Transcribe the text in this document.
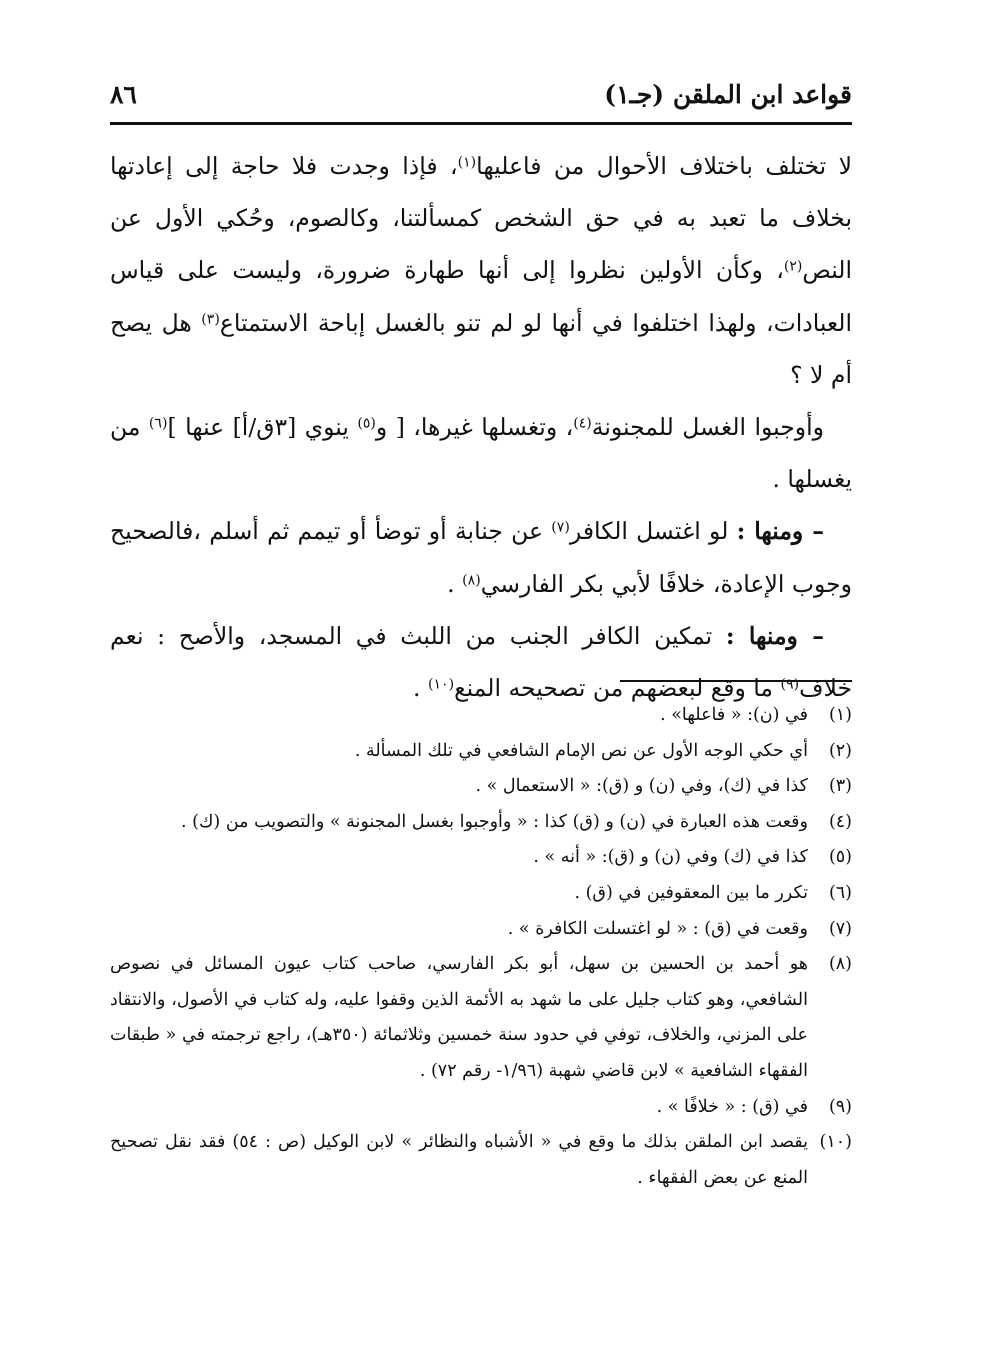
قواعد ابن الملقن (جـ١)
٨٦

لا تختلف باختلاف الأحوال من فاعليها$^{(١)}$، فإذا وجدت فلا حاجة إلى إعادتها بخلاف ما تعبد به في حق الشخص كمسألتنا، وكالصوم، وحُكي الأول عن النص$^{(٢)}$، وكأن الأولين نظروا إلى أنها طهارة ضرورة، وليست على قياس العبادات، ولهذا اختلفوا في أنها لو لم تنو بالغسل إباحة الاستمتاع$^{(٣)}$ هل يصح أم لا ؟

وأوجبوا الغسل للمجنونة$^{(٤)}$، وتغسلها غيرها، [ و$^{(٥)}$ ينوي [٣ق/أ] عنها ]$^{(٦)}$ من يغسلها .

– ومنها : لو اغتسل الكافر$^{(٧)}$ عن جنابة أو توضأ أو تيمم ثم أسلم ،فالصحيح وجوب الإعادة، خلافًا لأبي بكر الفارسي$^{(٨)}$ .

– ومنها : تمكين الكافر الجنب من اللبث في المسجد، والأصح : نعم خلاف$^{(٩)}$ ما وقع لبعضهم من تصحيحه المنع$^{(١٠)}$ .

(١)
في (ن): « فاعلها» .
(٢)
أي حكي الوجه الأول عن نص الإمام الشافعي في تلك المسألة .
(٣)
كذا في (ك)، وفي (ن) و (ق): « الاستعمال » .
(٤)
وقعت هذه العبارة في (ن) و (ق) كذا : « وأوجبوا بغسل المجنونة » والتصويب من (ك) .
(٥)
كذا في (ك) وفي (ن) و (ق): « أنه » .
(٦)
تكرر ما بين المعقوفين في (ق) .
(٧)
وقعت في (ق) : « لو اغتسلت الكافرة » .
(٨)
هو أحمد بن الحسين بن سهل، أبو بكر الفارسي، صاحب كتاب عيون المسائل في نصوص الشافعي، وهو كتاب جليل على ما شهد به الأئمة الذين وقفوا عليه، وله كتاب في الأصول، والانتقاد على المزني، والخلاف، توفي في حدود سنة خمسين وثلاثمائة (٣٥٠هـ)، راجع ترجمته في « طبقات الفقهاء الشافعية » لابن قاضي شهبة (١/٩٦- رقم ٧٢) .
(٩)
في (ق) : « خلافًا » .
(١٠)
يقصد ابن الملقن بذلك ما وقع في « الأشباه والنظائر » لابن الوكيل (ص : ٥٤) فقد نقل تصحيح المنع عن بعض الفقهاء .
